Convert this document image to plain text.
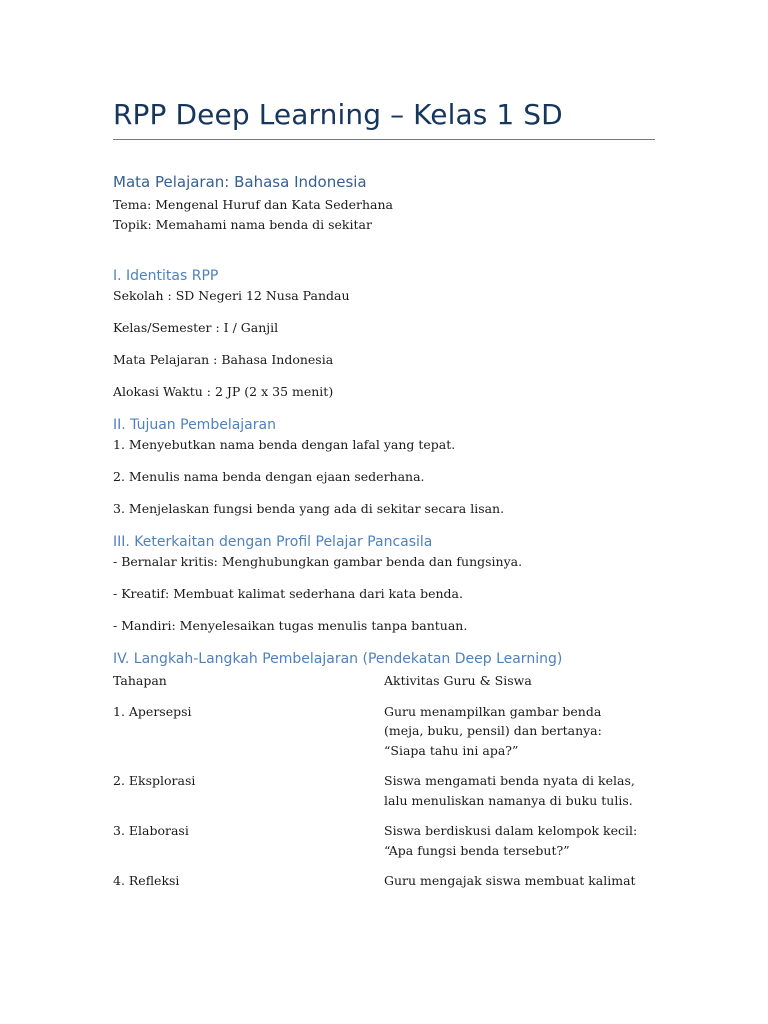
RPP Deep Learning – Kelas 1 SD
Mata Pelajaran: Bahasa Indonesia

Tema: Mengenal Huruf dan Kata Sederhana

Topik: Memahami nama benda di sekitar

I. Identitas RPP

Sekolah : SD Negeri 12 Nusa Pandau

Kelas/Semester : I / Ganjil

Mata Pelajaran : Bahasa Indonesia

Alokasi Waktu : 2 JP (2 x 35 menit)

II. Tujuan Pembelajaran

1. Menyebutkan nama benda dengan lafal yang tepat.

2. Menulis nama benda dengan ejaan sederhana.

3. Menjelaskan fungsi benda yang ada di sekitar secara lisan.

III. Keterkaitan dengan Profil Pelajar Pancasila

- Bernalar kritis: Menghubungkan gambar benda dan fungsinya.

- Kreatif: Membuat kalimat sederhana dari kata benda.

- Mandiri: Menyelesaikan tugas menulis tanpa bantuan.

IV. Langkah-Langkah Pembelajaran (Pendekatan Deep Learning)
Tahapan	Aktivitas Guru & Siswa
1. Apersepsi	Guru menampilkan gambar benda (meja, buku, pensil) dan bertanya: “Siapa tahu ini apa?”
2. Eksplorasi	Siswa mengamati benda nyata di kelas, lalu menuliskan namanya di buku tulis.
3. Elaborasi	Siswa berdiskusi dalam kelompok kecil: “Apa fungsi benda tersebut?”
4. Refleksi	Guru mengajak siswa membuat kalimat
